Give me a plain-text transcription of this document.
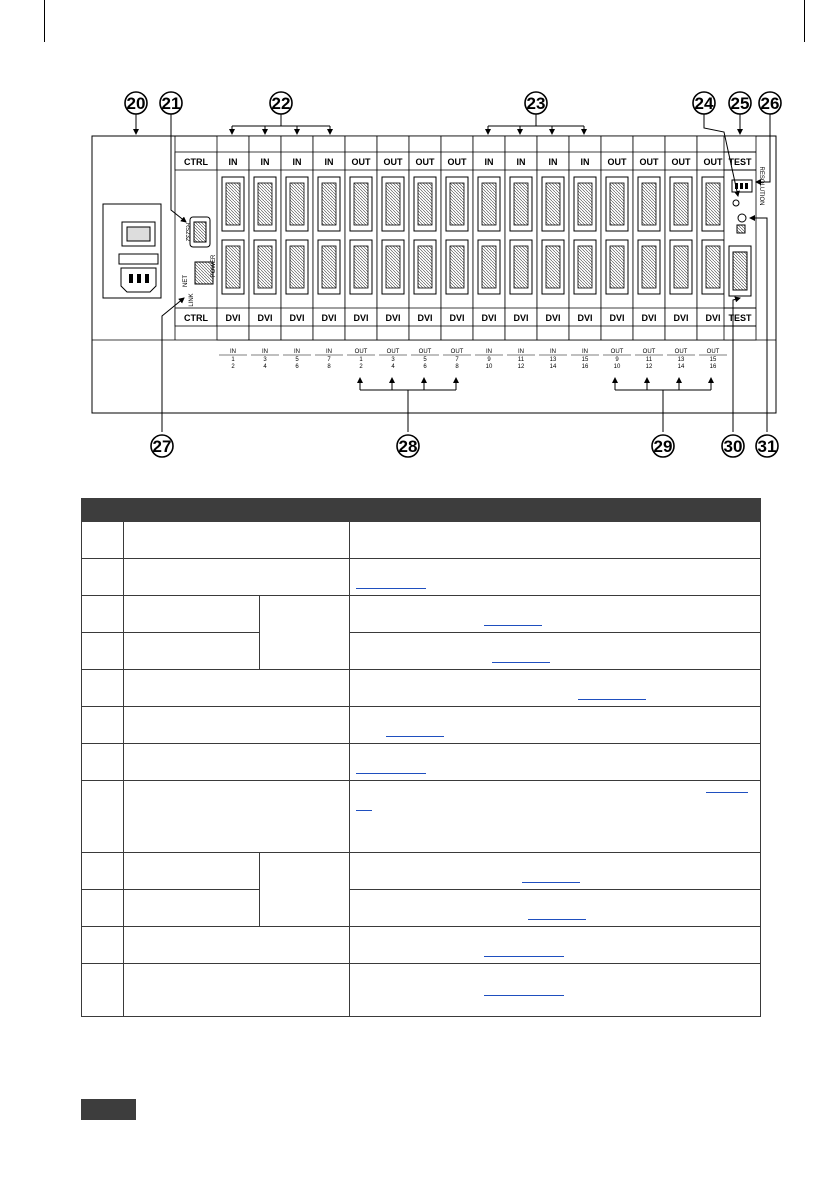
RS232
NET
LINK
POWER
CTRL
CTRL
IN
DVI
IN
1
2
IN
DVI
IN
3
4
IN
DVI
IN
5
6
IN
DVI
IN
7
8
OUT
DVI
OUT
1
2
OUT
DVI
OUT
3
4
OUT
DVI
OUT
5
6
OUT
DVI
OUT
7
8
IN
DVI
IN
9
10
IN
DVI
IN
11
12
IN
DVI
IN
13
14
IN
DVI
IN
15
16
OUT
DVI
OUT
9
10
OUT
DVI
OUT
11
12
OUT
DVI
OUT
13
14
OUT
DVI
OUT
15
16
TEST
TEST
RESOLUTION
20 21	22	23	24 25 26
27	28	29	30 31
